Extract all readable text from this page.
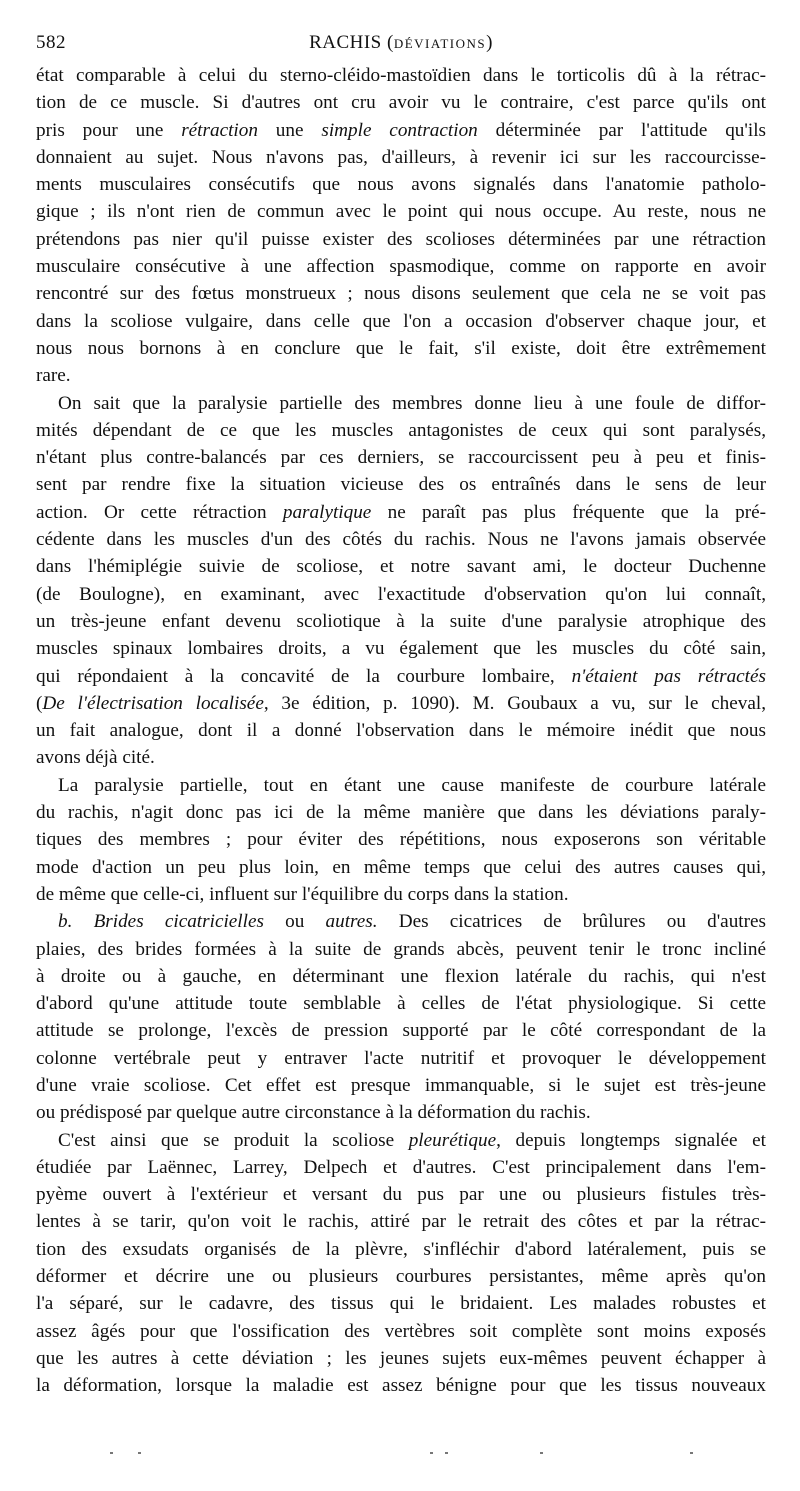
582	RACHIS (DÉVIATIONS)
état comparable à celui du sterno-cléido-mastoïdien dans le torticolis dû à la rétrac-
tion de ce muscle. Si d'autres ont cru avoir vu le contraire, c'est parce qu'ils ont
pris pour une rétraction une simple contraction déterminée par l'attitude qu'ils
donnaient au sujet. Nous n'avons pas, d'ailleurs, à revenir ici sur les raccourcisse-
ments musculaires consécutifs que nous avons signalés dans l'anatomie patholo-
gique ; ils n'ont rien de commun avec le point qui nous occupe. Au reste, nous ne
prétendons pas nier qu'il puisse exister des scolioses déterminées par une rétraction
musculaire consécutive à une affection spasmodique, comme on rapporte en avoir
rencontré sur des fœtus monstrueux ; nous disons seulement que cela ne se voit pas
dans la scoliose vulgaire, dans celle que l'on a occasion d'observer chaque jour, et
nous nous bornons à en conclure que le fait, s'il existe, doit être extrêmement
rare.
On sait que la paralysie partielle des membres donne lieu à une foule de diffor-
mités dépendant de ce que les muscles antagonistes de ceux qui sont paralysés,
n'étant plus contre-balancés par ces derniers, se raccourcissent peu à peu et finis-
sent par rendre fixe la situation vicieuse des os entraînés dans le sens de leur
action. Or cette rétraction paralytique ne paraît pas plus fréquente que la pré-
cédente dans les muscles d'un des côtés du rachis. Nous ne l'avons jamais observée
dans l'hémiplégie suivie de scoliose, et notre savant ami, le docteur Duchenne
(de Boulogne), en examinant, avec l'exactitude d'observation qu'on lui connaît,
un très-jeune enfant devenu scoliotique à la suite d'une paralysie atrophique des
muscles spinaux lombaires droits, a vu également que les muscles du côté sain,
qui répondaient à la concavité de la courbure lombaire, n'étaient pas rétractés
(De l'électrisation localisée, 3e édition, p. 1090). M. Goubaux a vu, sur le cheval,
un fait analogue, dont il a donné l'observation dans le mémoire inédit que nous
avons déjà cité.
La paralysie partielle, tout en étant une cause manifeste de courbure latérale
du rachis, n'agit donc pas ici de la même manière que dans les déviations paraly-
tiques des membres ; pour éviter des répétitions, nous exposerons son véritable
mode d'action un peu plus loin, en même temps que celui des autres causes qui,
de même que celle-ci, influent sur l'équilibre du corps dans la station.
b. Brides cicatricielles ou autres. Des cicatrices de brûlures ou d'autres
plaies, des brides formées à la suite de grands abcès, peuvent tenir le tronc incliné
à droite ou à gauche, en déterminant une flexion latérale du rachis, qui n'est
d'abord qu'une attitude toute semblable à celles de l'état physiologique. Si cette
attitude se prolonge, l'excès de pression supporté par le côté correspondant de la
colonne vertébrale peut y entraver l'acte nutritif et provoquer le développement
d'une vraie scoliose. Cet effet est presque immanquable, si le sujet est très-jeune
ou prédisposé par quelque autre circonstance à la déformation du rachis.
C'est ainsi que se produit la scoliose pleurétique, depuis longtemps signalée et
étudiée par Laënnec, Larrey, Delpech et d'autres. C'est principalement dans l'em-
pyème ouvert à l'extérieur et versant du pus par une ou plusieurs fistules très-
lentes à se tarir, qu'on voit le rachis, attiré par le retrait des côtes et par la rétrac-
tion des exsudats organisés de la plèvre, s'infléchir d'abord latéralement, puis se
déformer et décrire une ou plusieurs courbures persistantes, même après qu'on
l'a séparé, sur le cadavre, des tissus qui le bridaient. Les malades robustes et
assez âgés pour que l'ossification des vertèbres soit complète sont moins exposés
que les autres à cette déviation ; les jeunes sujets eux-mêmes peuvent échapper à
la déformation, lorsque la maladie est assez bénigne pour que les tissus nouveaux
